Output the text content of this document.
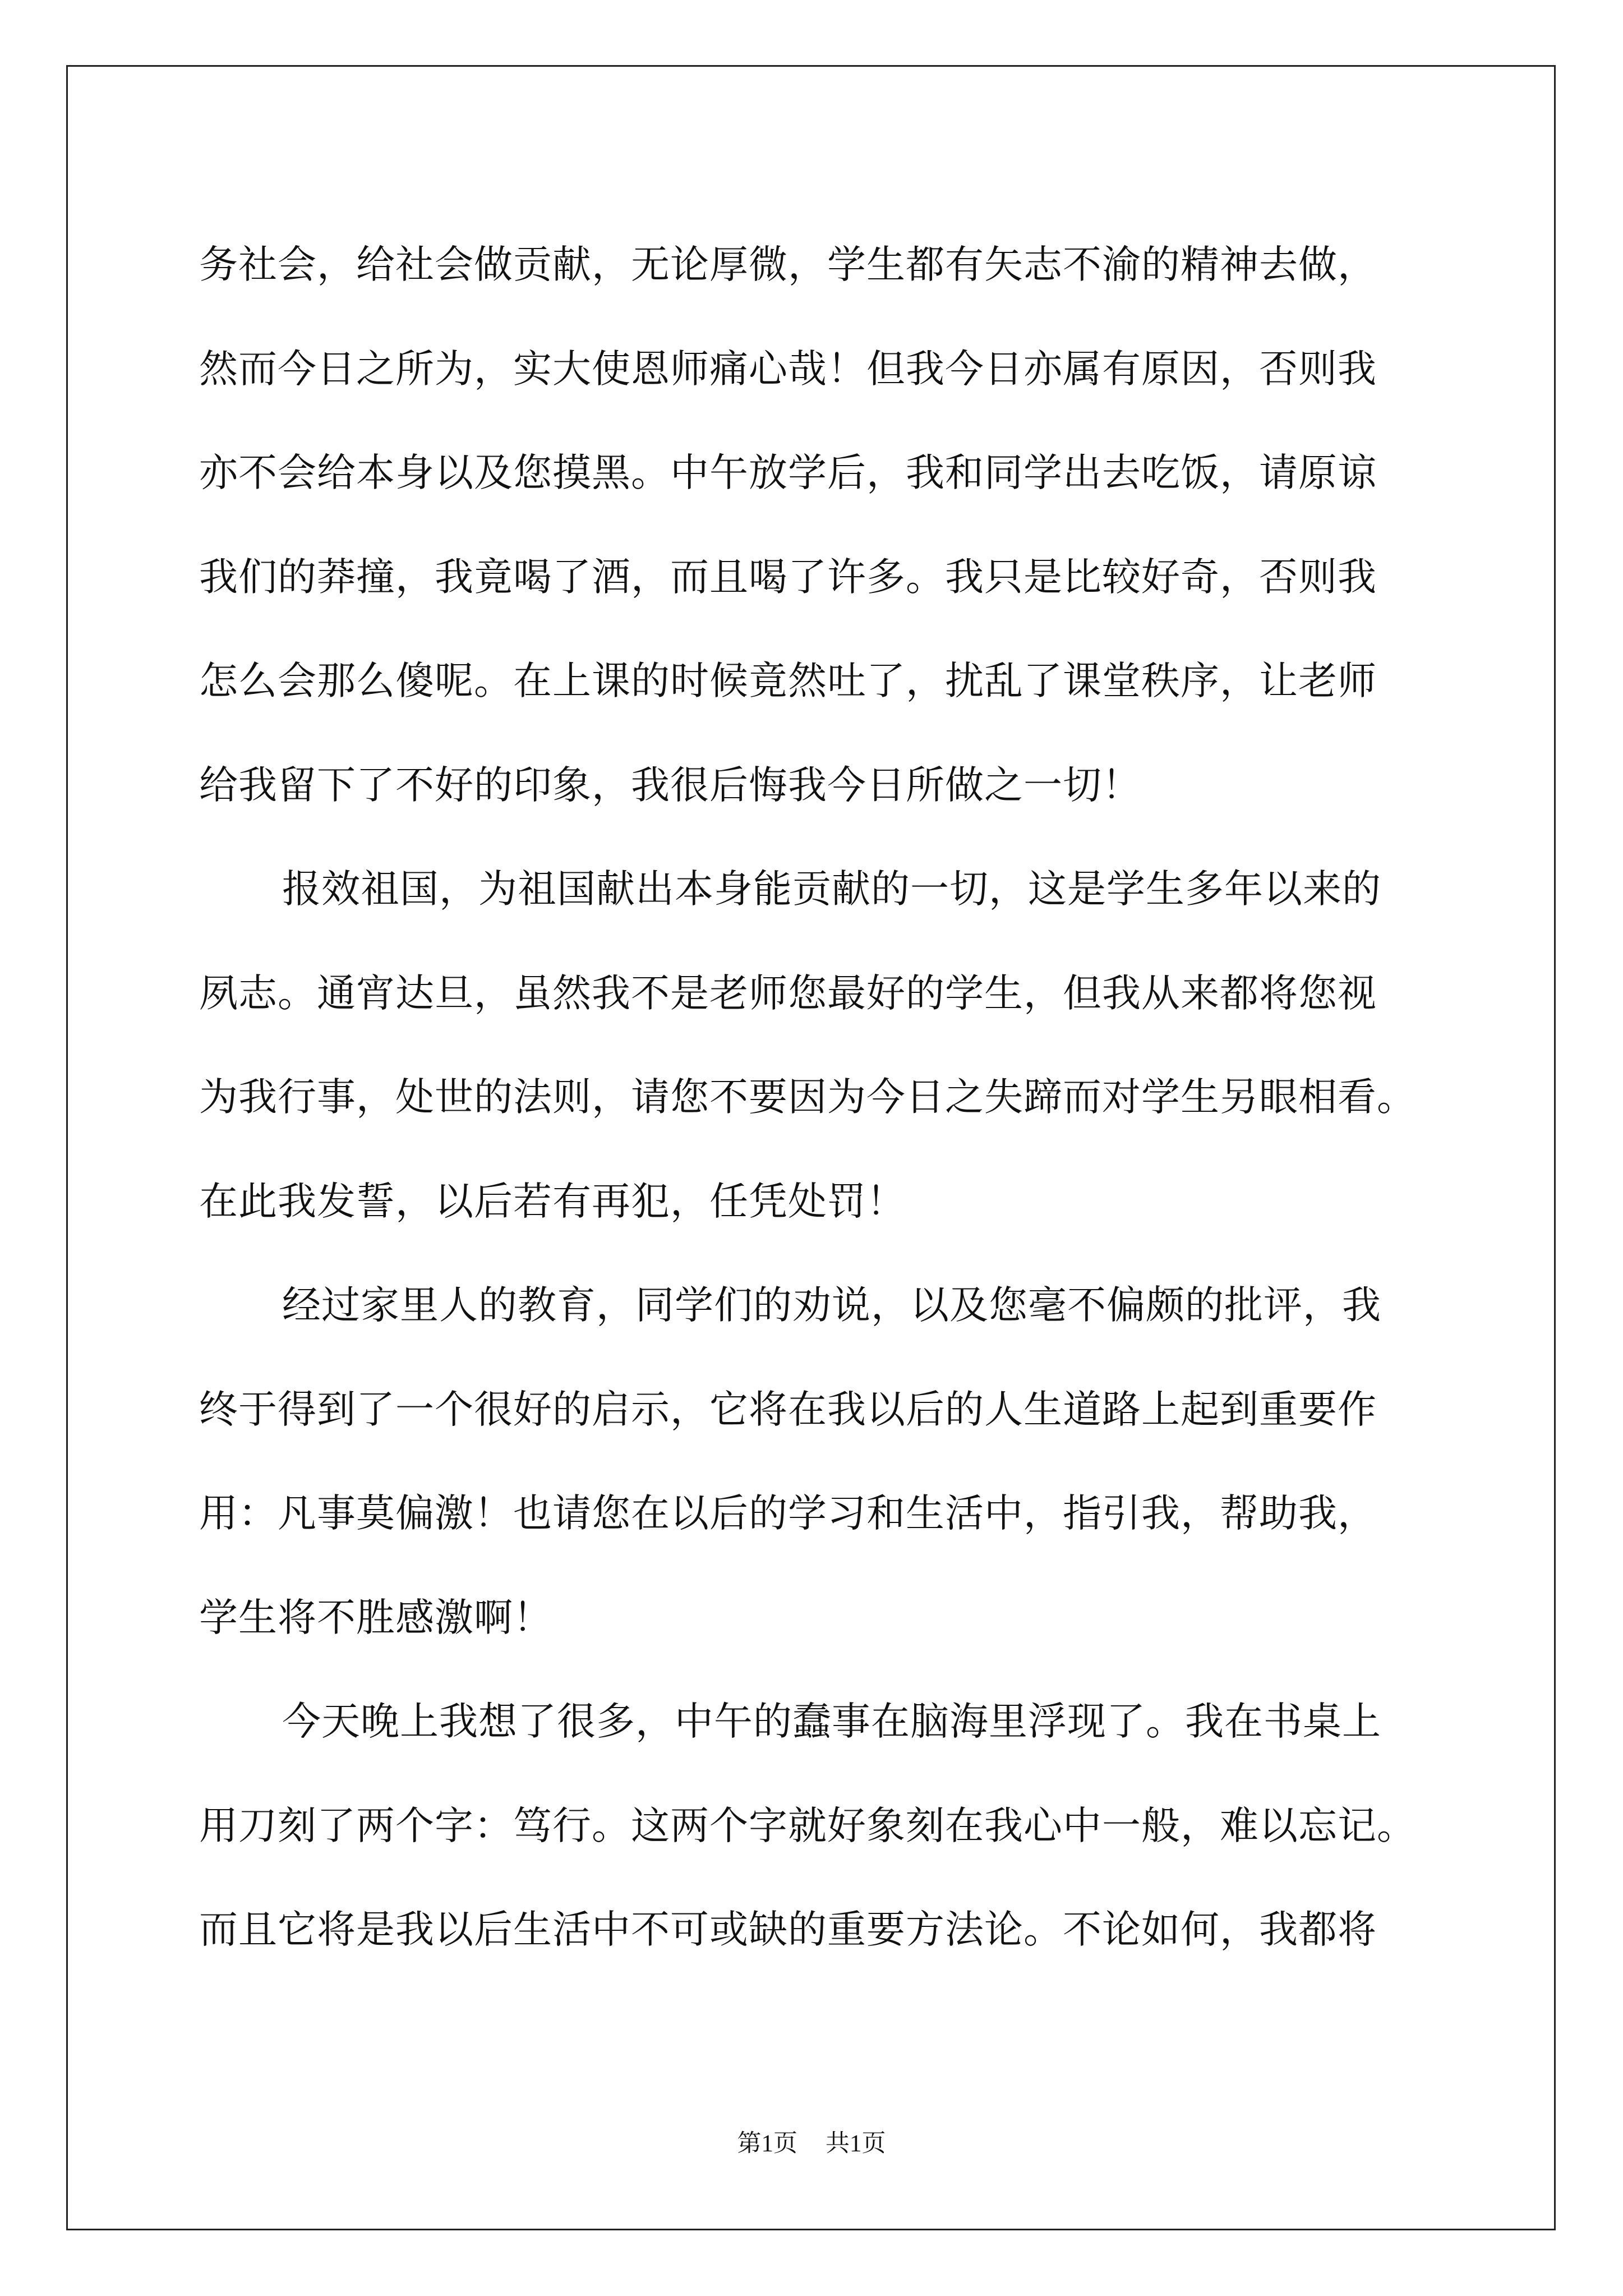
务社会，给社会做贡献，无论厚微，学生都有矢志不渝的精神去做，

然而今日之所为，实大使恩师痛心哉！但我今日亦属有原因，否则我

亦不会给本身以及您摸黑。中午放学后，我和同学出去吃饭，请原谅

我们的莽撞，我竟喝了酒，而且喝了许多。我只是比较好奇，否则我

怎么会那么傻呢。在上课的时候竟然吐了，扰乱了课堂秩序，让老师

给我留下了不好的印象，我很后悔我今日所做之一切！

报效祖国，为祖国献出本身能贡献的一切，这是学生多年以来的

夙志。通宵达旦，虽然我不是老师您最好的学生，但我从来都将您视

为我行事，处世的法则，请您不要因为今日之失蹄而对学生另眼相看。

在此我发誓，以后若有再犯，任凭处罚！

经过家里人的教育，同学们的劝说，以及您毫不偏颇的批评，我

终于得到了一个很好的启示，它将在我以后的人生道路上起到重要作

用：凡事莫偏激！也请您在以后的学习和生活中，指引我，帮助我，

学生将不胜感激啊！

今天晚上我想了很多，中午的蠢事在脑海里浮现了。我在书桌上

用刀刻了两个字：笃行。这两个字就好象刻在我心中一般，难以忘记。

而且它将是我以后生活中不可或缺的重要方法论。不论如何，我都将

第1页 共1页
